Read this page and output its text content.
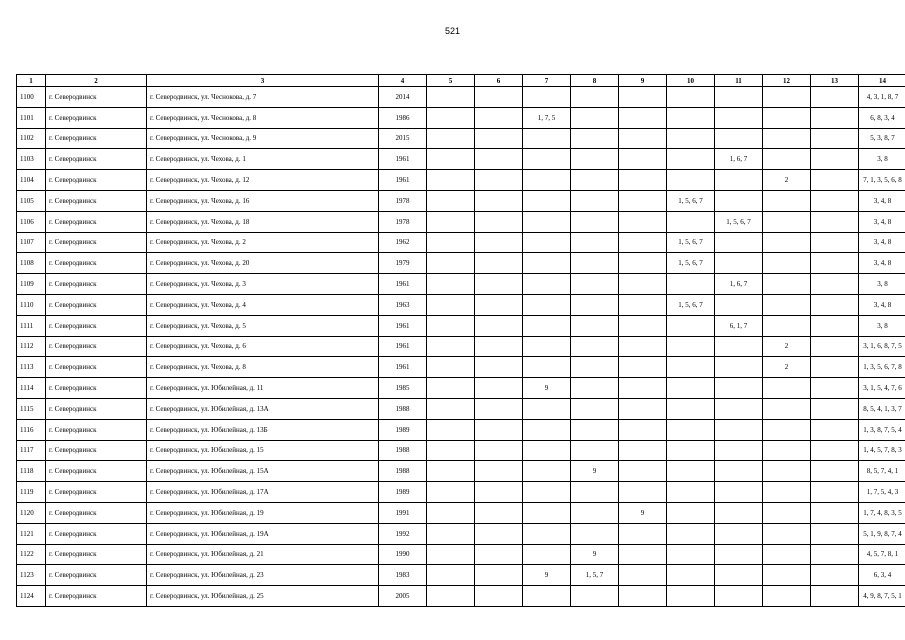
521
1	2	3	4	5	6	7	8	9	10	11	12	13	14
1100	г. Северодвинск	г. Северодвинск, ул. Чеснокова, д. 7	2014										4, 3, 1, 8, 7
1101	г. Северодвинск	г. Северодвинск, ул. Чеснокова, д. 8	1986			1, 7, 5							6, 8, 3, 4
1102	г. Северодвинск	г. Северодвинск, ул. Чеснокова, д. 9	2015										5, 3, 8, 7
1103	г. Северодвинск	г. Северодвинск, ул. Чехова, д. 1	1961							1, 6, 7			3, 8
1104	г. Северодвинск	г. Северодвинск, ул. Чехова, д. 12	1961								2		7, 1, 3, 5, 6, 8
1105	г. Северодвинск	г. Северодвинск, ул. Чехова, д. 16	1978						1, 5, 6, 7				3, 4, 8
1106	г. Северодвинск	г. Северодвинск, ул. Чехова, д. 18	1978							1, 5, 6, 7			3, 4, 8
1107	г. Северодвинск	г. Северодвинск, ул. Чехова, д. 2	1962						1, 5, 6, 7				3, 4, 8
1108	г. Северодвинск	г. Северодвинск, ул. Чехова, д. 20	1979						1, 5, 6, 7				3, 4, 8
1109	г. Северодвинск	г. Северодвинск, ул. Чехова, д. 3	1961							1, 6, 7			3, 8
1110	г. Северодвинск	г. Северодвинск, ул. Чехова, д. 4	1963						1, 5, 6, 7				3, 4, 8
1111	г. Северодвинск	г. Северодвинск, ул. Чехова, д. 5	1961							6, 1, 7			3, 8
1112	г. Северодвинск	г. Северодвинск, ул. Чехова, д. 6	1961								2		3, 1, 6, 8, 7, 5
1113	г. Северодвинск	г. Северодвинск, ул. Чехова, д. 8	1961								2		1, 3, 5, 6, 7, 8
1114	г. Северодвинск	г. Северодвинск, ул. Юбилейная, д. 11	1985			9							3, 1, 5, 4, 7, 6
1115	г. Северодвинск	г. Северодвинск, ул. Юбилейная, д. 13А	1988										8, 5, 4, 1, 3, 7
1116	г. Северодвинск	г. Северодвинск, ул. Юбилейная, д. 13Б	1989										1, 3, 8, 7, 5, 4
1117	г. Северодвинск	г. Северодвинск, ул. Юбилейная, д. 15	1988										1, 4, 5, 7, 8, 3
1118	г. Северодвинск	г. Северодвинск, ул. Юбилейная, д. 15А	1988				9						8, 5, 7, 4, 1
1119	г. Северодвинск	г. Северодвинск, ул. Юбилейная, д. 17А	1989										1, 7, 5, 4, 3
1120	г. Северодвинск	г. Северодвинск, ул. Юбилейная, д. 19	1991					9					1, 7, 4, 8, 3, 5
1121	г. Северодвинск	г. Северодвинск, ул. Юбилейная, д. 19А	1992										5, 1, 9, 8, 7, 4
1122	г. Северодвинск	г. Северодвинск, ул. Юбилейная, д. 21	1990				9						4, 5, 7, 8, 1
1123	г. Северодвинск	г. Северодвинск, ул. Юбилейная, д. 23	1983			9	1, 5, 7						6, 3, 4
1124	г. Северодвинск	г. Северодвинск, ул. Юбилейная, д. 25	2005										4, 9, 8, 7, 5, 1
